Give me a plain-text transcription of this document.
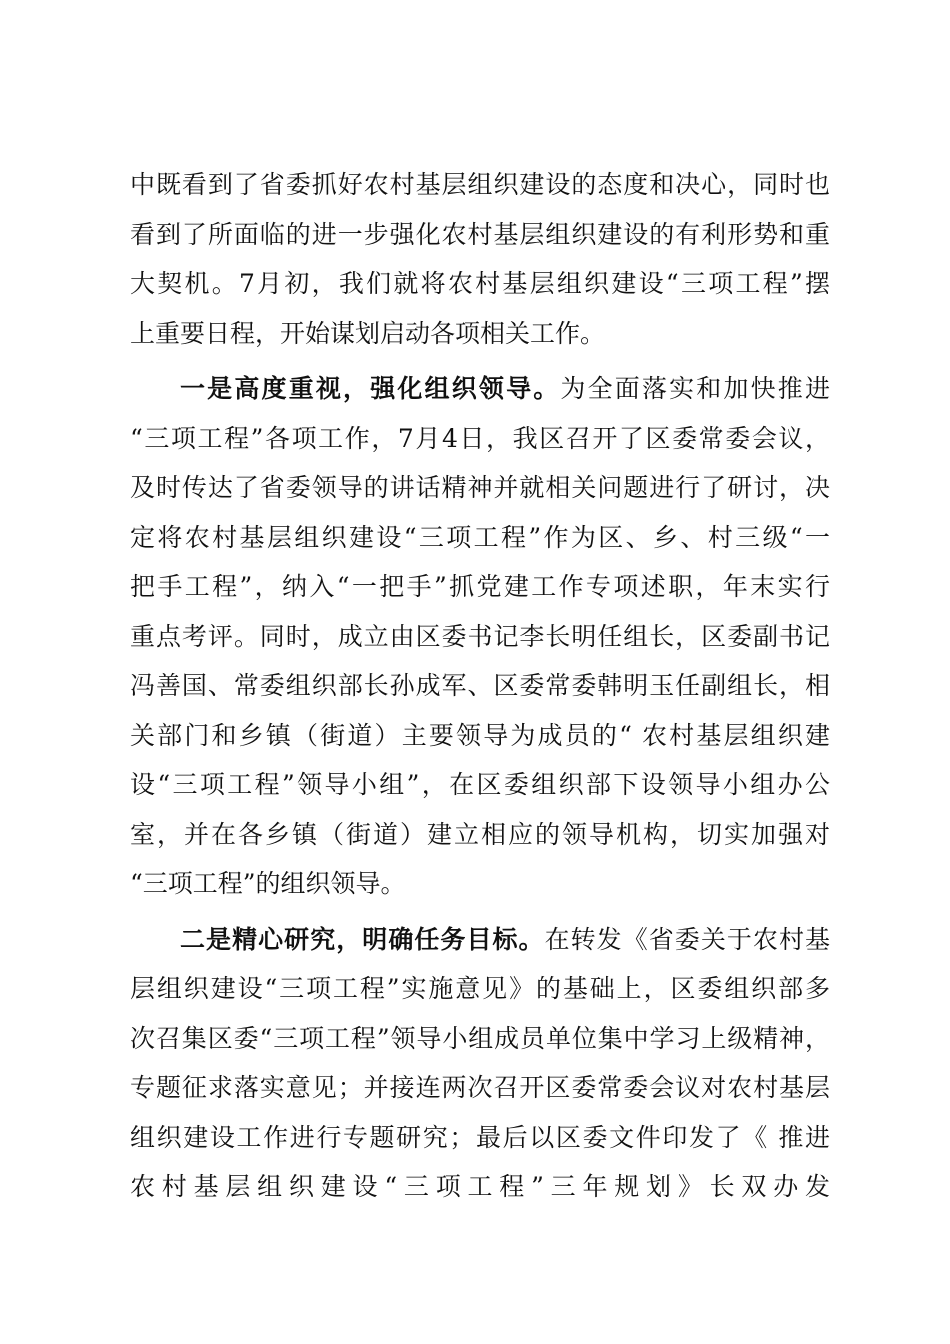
中既看到了省委抓好农村基层组织建设的态度和决心，同时也
看到了所面临的进一步强化农村基层组织建设的有利形势和重
大契机。7月初，我们就将农村基层组织建设“三项工程”摆
上重要日程，开始谋划启动各项相关工作。
一是高度重视，强化组织领导。为全面落实和加快推进
“三项工程”各项工作，7月4日，我区召开了区委常委会议，
及时传达了省委领导的讲话精神并就相关问题进行了研讨，决
定将农村基层组织建设“三项工程”作为区、乡、村三级“一
把手工程”，纳入“一把手”抓党建工作专项述职，年末实行
重点考评。同时，成立由区委书记李长明任组长，区委副书记
冯善国、常委组织部长孙成军、区委常委韩明玉任副组长，相
关部门和乡镇（街道）主要领导为成员的“ 农村基层组织建
设“三项工程”领导小组”，在区委组织部下设领导小组办公
室，并在各乡镇（街道）建立相应的领导机构，切实加强对
“三项工程”的组织领导。
二是精心研究，明确任务目标。在转发《省委关于农村基
层组织建设“三项工程”实施意见》的基础上，区委组织部多
次召集区委“三项工程”领导小组成员单位集中学习上级精神，
专题征求落实意见；并接连两次召开区委常委会议对农村基层
组织建设工作进行专题研究；最后以区委文件印发了《 推进
农村基层组织建设“三项工程”三年规划》长双办发
